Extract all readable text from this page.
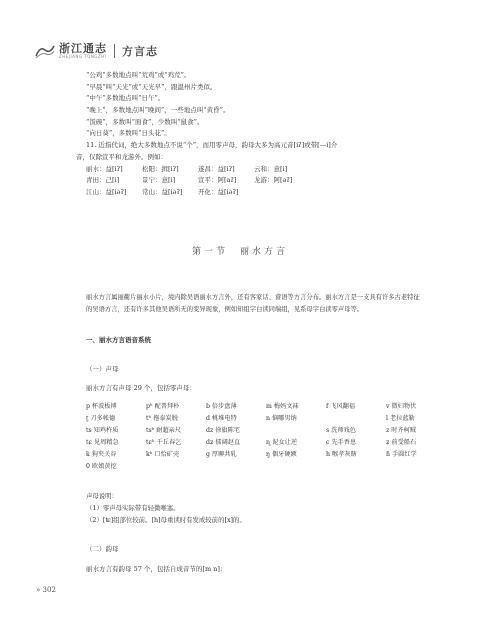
浙江通志
ZHEJIANG TONGZHI 方言志

“公鸡”多数地点叫“荒鸡”或“鸡荒”。

“早晨”叫“天光”或“天光早”，跟温州片类似。

“中午”多数地点叫“日午”。

“晚上”，多数地点叫“晚间”，一些地点叫“黄昏”。

“饭碗”，多数叫“面食”，少数叫“鼠食”。

“向日葵”，多数叫“日头花”。

11. 近指代词，绝大多数地点不说“个”，而用零声母，韵母大多为高元音[iʔ]或带[—i]介

音，仅除宣平和龙游外。例如：

丽水：益[iʔ]	松阳：揖[iʔ]	遂昌：益[iʔ]	云和：意[i]
青田：己[i]	景宁：意[i]	宣平：阿[aʔ]	龙游：阿[əʔ]
江山：益[iəʔ]	常山：益[iəʔ]	开化：益[iəʔ]
第一节　丽水方言

丽水方言属丽衢片丽水小片，境内除吴语丽水方言外，还有客家话、畲语等方言分布。丽水方言是一支具有许多古老特征的吴语方言，还有许多其他吴语所无的变异现象，例如知组字白读同端组，见系母字白读零声母等。

一、丽水方言语音系统
（一）声母
丽水方言有声母 29 个，包括零声母：
p 杯波板博	pʰ 配普拜朴	b 倍步盘薄	m 梅妈文袜	f 飞风翻福	v 微妇物伏
ʈ 刀多帐德	tʰ 拖泰炭脱	d 桃堆电特	n 恼哪男纳	l 老拉蓝勒
ts 知鸡杵质	tsʰ 耐超亲尺	dz 徐旗陈宅	s 洗师戏色	z 时齐柯贼
tɕ 见周精急	tɕʰ 千丘春乞	dʑ 擂阔赵直	ɳ 泥女让逆	ɕ 先手香息	ʑ 前受船石
k 狗夹关谷	kʰ 口恰矿壳	g 厚聊共轧	ŋ 偶牙硬额	h 喉孝灰瞎	ɦ 手圆红学
0 欧娘黄挖
声母说明：
（1）零声母实际带有轻微喉塞。
（2）[ʨ]组部位较前。[h]母重读时有发成较前的[x]的。
（二）韵母
丽水方言有韵母 57 个，包括自成音节的[m n]：
» 302
